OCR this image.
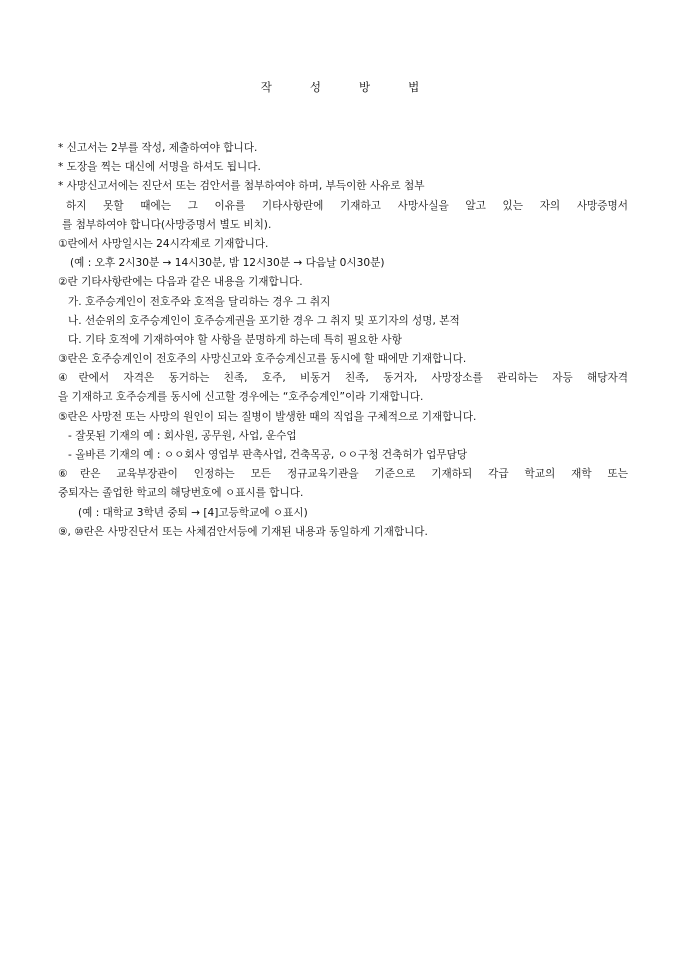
작	성	방	법
* 신고서는 2부를 작성, 제출하여야 합니다.
* 도장을 찍는 대신에 서명을 하셔도 됩니다.
* 사망신고서에는 진단서 또는 검안서를 첨부하여야 하며, 부득이한 사유로 첨부
하지 못할 때에는 그 이유를 기타사항란에 기재하고 사망사실을 알고 있는 자의 사망증명서
를 첨부하여야 합니다(사망증명서 별도 비치).
①란에서 사망일시는 24시각제로 기재합니다.
(예 : 오후 2시30분 → 14시30분, 밤 12시30분 → 다음날 0시30분)
②란 기타사항란에는 다음과 같은 내용을 기재합니다.
가. 호주승계인이 전호주와 호적을 달리하는 경우 그 취지
나. 선순위의 호주승계인이 호주승계권을 포기한 경우 그 취지 및 포기자의 성명, 본적
다. 기타 호적에 기재하여야 할 사항을 분명하게 하는데 특히 필요한 사항
③란은 호주승계인이 전호주의 사망신고와 호주승계신고를 동시에 할 때에만 기재합니다.
④란에서 자격은 동거하는 친족, 호주, 비동거 친족, 동거자, 사망장소를 관리하는 자등 해당자격
을 기재하고 호주승계를 동시에 신고할 경우에는 “호주승계인”이라 기재합니다.
⑤란은 사망전 또는 사망의 원인이 되는 질병이 발생한 때의 직업을 구체적으로 기재합니다.
- 잘못된 기재의 예 : 회사원, 공무원, 사업, 운수업
- 올바른 기재의 예 : ㅇㅇ회사 영업부 판촉사업, 건축목공, ㅇㅇ구청 건축허가 업무담당
⑥란은 교육부장관이 인정하는 모든 정규교육기관을 기준으로 기재하되 각급 학교의 재학 또는
중퇴자는 졸업한 학교의 해당번호에 ㅇ표시를 합니다.
(예 : 대학교 3학년 중퇴 → [4]고등학교에 ㅇ표시)
⑨, ⑩란은 사망진단서 또는 사체검안서등에 기재된 내용과 동일하게 기재합니다.
